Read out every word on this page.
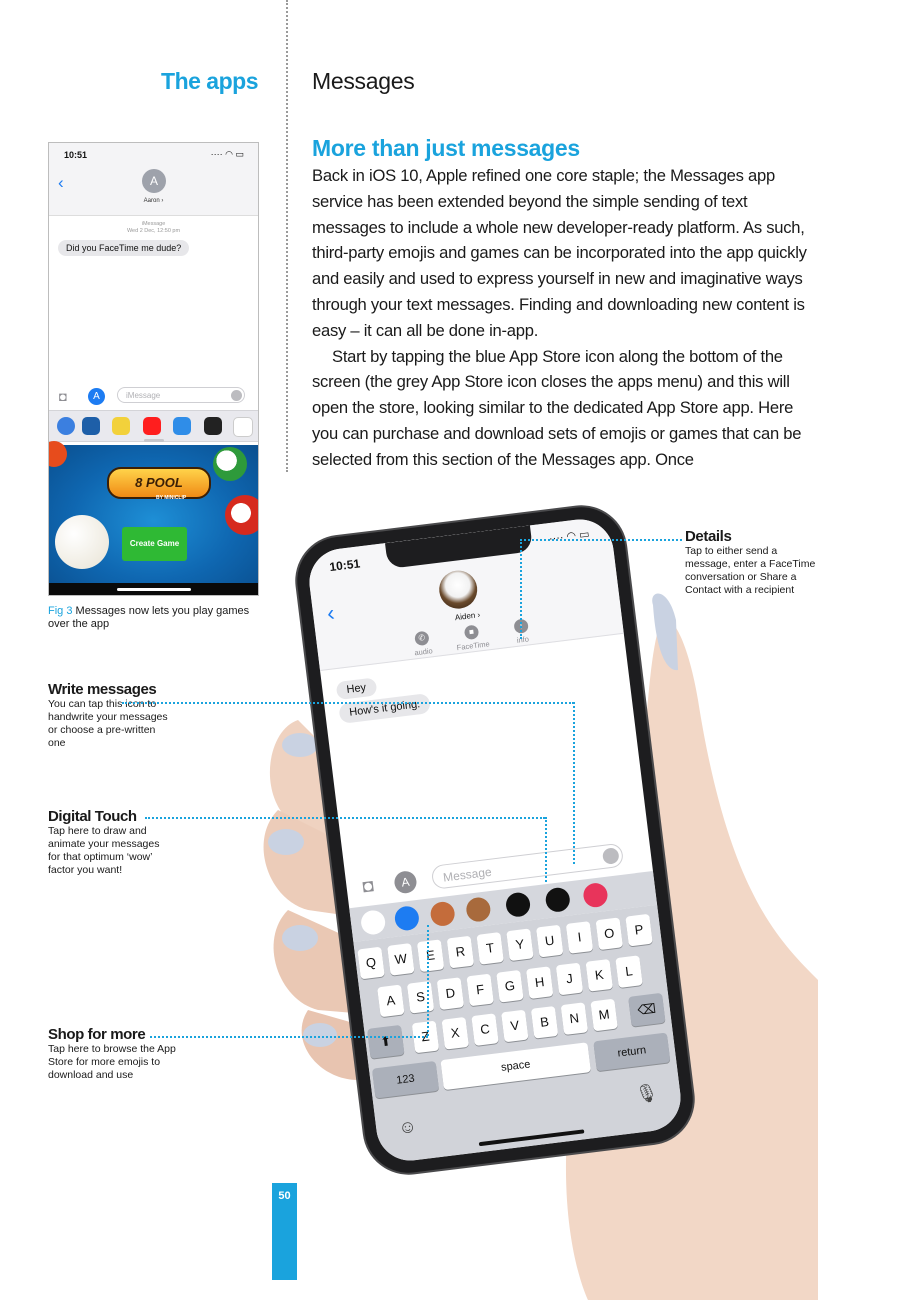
The apps Messages
More than just messages

Back in iOS 10, Apple refined one core staple; the Messages app service has been extended beyond the simple sending of text messages to include a whole new developer-ready platform. As such, third-party emojis and games can be incorporated into the app quickly and easily and used to express yourself in new and imaginative ways through your text messages. Finding and downloading new content is easy – it can all be done in-app.

Start by tapping the blue App Store icon along the bottom of the screen (the grey App Store icon closes the apps menu) and this will open the store, looking similar to the dedicated App Store app. Here you can purchase and download sets of emojis or games that can be selected from this section of the Messages app. Once

10:51	···· ◠ ▭
‹	A
Aaron ›
iMessage
Wed 2 Dec, 12:50 pm
Did you FaceTime me dude?
◘	A	iMessage
8 POOL
BY MINICLIP
Create Game
Fig 3 Messages now lets you play games over the app
10:51
···· ◠ ▭
‹	Aiden ›
✆
audio
■
FaceTime
i
info
Hey
How's it going.
◘	A	Message
Q	W	E	R	T	Y	U	I	O	P
A	S	D	F	G	H	J	K	L
⬆	Z	X	C	V	B	N	M	⌫
123
space
return
☺
🎙
Details
Tap to either send a message, enter a FaceTime conversation or Share a Contact with a recipient
Write messages
You can tap this icon to handwrite your messages or choose a pre-written one
Digital Touch
Tap here to draw and animate your messages for that optimum ‘wow’ factor you want!
Shop for more
Tap here to browse the App Store for more emojis to download and use
50
